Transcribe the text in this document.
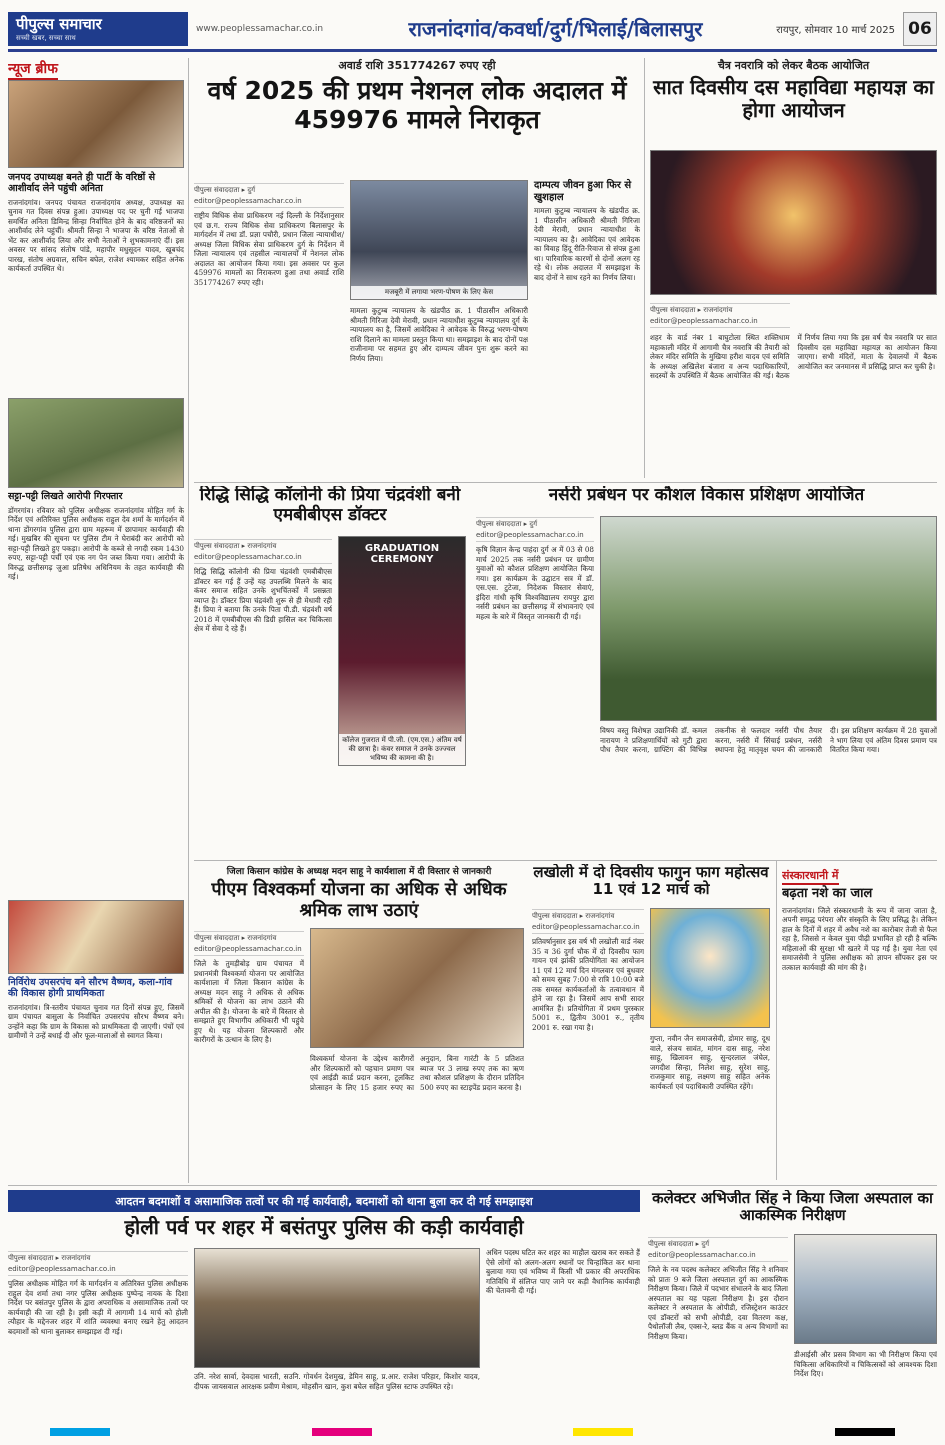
पीपुल्स समाचार
सच्ची खबर, सच्चा साथ
www.peoplessamachar.co.in	राजनांदगांव/कवर्धा/दुर्ग/भिलाई/बिलासपुर	रायपुर, सोमवार 10 मार्च 2025 06
न्यूज ब्रीफ
जनपद उपाध्यक्ष बनते ही पार्टी के वरिष्ठों से आशीर्वाद लेने पहुंची अनिता
राजनांदगांव। जनपद पंचायत राजनांदगांव अध्यक्ष, उपाध्यक्ष का चुनाव गत दिवस संपन्न हुआ। उपाध्यक्ष पद पर चुनी गई भाजपा समर्थित अनिता डिमिन्द्र सिन्हा निर्वाचित होने के बाद वरिष्ठजनों का आशीर्वाद लेने पहुंचीं। श्रीमती सिन्हा ने भाजपा के वरिष्ठ नेताओं से भेंट कर आशीर्वाद लिया और सभी नेताओं ने शुभकामनाएं दीं। इस अवसर पर सांसद संतोष पांडे, महापौर मधुसूदन यादव, खूबचंद पारख, संतोष अग्रवाल, सचिन बघेल, राजेश श्यामकर सहित अनेक कार्यकर्ता उपस्थित थे।
सट्टा-पट्टी लिखते आरोपी गिरफ्तार
डोंगरगांव। रविवार को पुलिस अधीक्षक राजनांदगांव मोहित गर्ग के निर्देश एवं अतिरिक्त पुलिस अधीक्षक राहुल देव शर्मा के मार्गदर्शन में थाना डोंगरगांव पुलिस द्वारा ग्राम महरूम में छापामार कार्यवाही की गई। मुखबिर की सूचना पर पुलिस टीम ने घेराबंदी कर आरोपी को सट्टा-पट्टी लिखते हुए पकड़ा। आरोपी के कब्जे से नगदी रकम 1430 रुपए, सट्टा-पट्टी पर्ची एवं एक नग पेन जब्त किया गया। आरोपी के विरुद्ध छत्तीसगढ़ जुआ प्रतिषेध अधिनियम के तहत कार्यवाही की गई।
निर्विरोध उपसरपंच बने सौरभ वैष्णव, कला-गांव की विकास होगी प्राथमिकता
राजनांदगांव। त्रि-स्तरीय पंचायत चुनाव गत दिनों संपन्न हुए, जिसमें ग्राम पंचायत बासुला के निर्वाचित उपसरपंच सौरभ वैष्णव बने। उन्होंने कहा कि ग्राम के विकास को प्राथमिकता दी जाएगी। पंचों एवं ग्रामीणों ने उन्हें बधाई दी और फूल-मालाओं से स्वागत किया।
अवार्ड राशि 351774267 रुपए रही
वर्ष 2025 की प्रथम नेशनल लोक अदालत में 459976 मामले निराकृत
पीपुल्स संवाददाता ▸ दुर्ग
editor@peoplessamachar.co.in
राष्ट्रीय विधिक सेवा प्राधिकरण नई दिल्ली के निर्देशानुसार एवं छ.ग. राज्य विधिक सेवा प्राधिकरण बिलासपुर के मार्गदर्शन में तथा डॉ. प्रज्ञा पचौरी, प्रधान जिला न्यायाधीश/अध्यक्ष जिला विधिक सेवा प्राधिकरण दुर्ग के निर्देशन में जिला न्यायालय एवं तहसील न्यायालयों में नेशनल लोक अदालत का आयोजन किया गया। इस अवसर पर कुल 459976 मामलों का निराकरण हुआ तथा अवार्ड राशि 351774267 रुपए रही।
मजबूरी में लगाया भरण-पोषण के लिए केस
मामला कुटुम्ब न्यायालय के खंडपीठ क्र. 1 पीठासीन अधिकारी श्रीमती गिरिजा देवी मेरावी, प्रधान न्यायाधीश कुटुम्ब न्यायालय दुर्ग के न्यायालय का है, जिसमें आवेदिका ने आवेदक के विरुद्ध भरण-पोषण राशि दिलाने का मामला प्रस्तुत किया था। समझाइश के बाद दोनों पक्ष राजीनामा पर सहमत हुए और दाम्पत्य जीवन पुनः शुरू करने का निर्णय लिया।
दाम्पत्य जीवन हुआ फिर से खुशहाल
मामला कुटुम्ब न्यायालय के खंडपीठ क्र. 1 पीठासीन अधिकारी श्रीमती गिरिजा देवी मेरावी, प्रधान न्यायाधीश के न्यायालय का है। आवेदिका एवं आवेदक का विवाह हिंदू रीति-रिवाज से संपन्न हुआ था। पारिवारिक कारणों से दोनों अलग रह रहे थे। लोक अदालत में समझाइश के बाद दोनों ने साथ रहने का निर्णय लिया।
चैत्र नवरात्रि को लेकर बैठक आयोजित
सात दिवसीय दस महाविद्या महायज्ञ का होगा आयोजन
पीपुल्स संवाददाता ▸ राजनांदगांव
editor@peoplessamachar.co.in
शहर के वार्ड नंबर 1 बाघुटोला स्थित शक्तिधाम महाकाली मंदिर में आगामी चैत्र नवरात्रि की तैयारी को लेकर मंदिर समिति के मुखिया हरीश यादव एवं समिति के अध्यक्ष अखिलेश बंजारा व अन्य पदाधिकारियों, सदस्यों के उपस्थिति में बैठक आयोजित की गई। बैठक में निर्णय लिया गया कि इस वर्ष चैत्र नवरात्रि पर सात दिवसीय दस महाविद्या महायज्ञ का आयोजन किया जाएगा। सभी मंदिरों, माता के देवालयों में बैठक आयोजित कर जनमानस में प्रसिद्धि प्राप्त कर चुकी है।
रिद्धि सिद्धि कॉलोनी की प्रिया चंद्रवंशी बनी एमबीबीएस डॉक्टर
पीपुल्स संवाददाता ▸ राजनांदगांव
editor@peoplessamachar.co.in
रिद्धि सिद्धि कॉलोनी की प्रिया चंद्रवंशी एमबीबीएस डॉक्टर बन गई हैं उन्हें यह उपलब्धि मिलने के बाद कंवर समाज सहित उनके शुभचिंतकों में प्रसन्नता व्याप्त है। डॉक्टर प्रिया चंद्रवंशी शुरू से ही मेधावी रही हैं। प्रिया ने बताया कि उनके पिता पी.डी. चंद्रवंशी वर्ष 2018 में एमबीबीएस की डिग्री हासिल कर चिकित्सा क्षेत्र में सेवा दे रहे हैं।
GRADUATION CEREMONY
कॉलेज गुजरात में पी.जी. (एम.एस.) अंतिम वर्ष की छात्रा है। कंवर समाज ने उनके उज्ज्वल भविष्य की कामना की है।
नर्सरी प्रबंधन पर कौशल विकास प्रशिक्षण आयोजित
पीपुल्स संवाददाता ▸ दुर्ग
editor@peoplessamachar.co.in
कृषि विज्ञान केन्द्र पाहंदा दुर्ग अ में 03 से 08 मार्च 2025 तक नर्सरी प्रबंधन पर ग्रामीण युवाओं को कौशल प्रशिक्षण आयोजित किया गया। इस कार्यक्रम के उद्घाटन सत्र में डॉ. एस.एस. टुटेजा, निदेशक विस्तार सेवाएं, इंदिरा गांधी कृषि विश्वविद्यालय रायपुर द्वारा नर्सरी प्रबंधन का छत्तीसगढ़ में संभावनाएं एवं महत्व के बारे में विस्तृत जानकारी दी गई।
विषय वस्तु विशेषज्ञ उद्यानिकी डॉ. कमल नारायण ने प्रशिक्षणार्थियों को गुटी द्वारा पौध तैयार करना, ग्राफ्टिंग की विभिन्न तकनीक से फलदार नर्सरी पौध तैयार करना, नर्सरी में सिंचाई प्रबंधन, नर्सरी स्थापना हेतु मातृवृक्ष चयन की जानकारी दी। इस प्रशिक्षण कार्यक्रम में 28 युवाओं ने भाग लिया एवं अंतिम दिवस प्रमाण पत्र वितरित किया गया।
जिला किसान कांग्रेस के अध्यक्ष मदन साहू ने कार्यशाला में दी विस्तार से जानकारी
पीएम विश्वकर्मा योजना का अधिक से अधिक श्रमिक लाभ उठाएं
पीपुल्स संवाददाता ▸ राजनांदगांव
editor@peoplessamachar.co.in
जिले के तुमड़ीबोड़ ग्राम पंचायत में प्रधानमंत्री विश्वकर्मा योजना पर आयोजित कार्यशाला में जिला किसान कांग्रेस के अध्यक्ष मदन साहू ने अधिक से अधिक श्रमिकों से योजना का लाभ उठाने की अपील की है। योजना के बारे में विस्तार से समझाते हुए विभागीय अधिकारी भी पहुंचे हुए थे। यह योजना शिल्पकारों और कारीगरों के उत्थान के लिए है।
विश्वकर्मा योजना के उद्देश्य कारीगरों और शिल्पकारों को पहचान प्रमाण पत्र एवं आईडी कार्ड प्रदान करना, टूलकिट प्रोत्साहन के लिए 15 हजार रुपए का अनुदान, बिना गारंटी के 5 प्रतिशत ब्याज पर 3 लाख रुपए तक का ऋण तथा कौशल प्रशिक्षण के दौरान प्रतिदिन 500 रुपए का स्टाइपेंड प्रदान करना है।
लखोली में दो दिवसीय फागुन फाग महोत्सव 11 एवं 12 मार्च को
पीपुल्स संवाददाता ▸ राजनांदगांव
editor@peoplessamachar.co.in
प्रतिवर्षानुसार इस वर्ष भी लखोली वार्ड नंबर 35 व 36 दुर्गा चौक में दो दिवसीय फाग गायन एवं झांकी प्रतियोगिता का आयोजन 11 एवं 12 मार्च दिन मंगलवार एवं बुधवार को समय सुबह 7:00 से रात्रि 10:00 बजे तक समस्त कार्यकर्ताओं के तत्वावधान में होने जा रहा है। जिसमें आप सभी सादर आमंत्रित हैं। प्रतियोगिता में प्रथम पुरस्कार 5001 रु., द्वितीय 3001 रु., तृतीय 2001 रु. रखा गया है।
गुप्ता, नवीन जैन समाजसेवी, डोमार साहू, दूध वाले, संजय सावंत, मांगन दास साहू, नरेश साहू, खिलावन साहू, सुन्दरलाल जंघेल, जगदीश सिन्हा, निलेश साहू, सुरेश साहू, राजकुमार साहू, लक्ष्मण साहू सहित अनेक कार्यकर्ता एवं पदाधिकारी उपस्थित रहेंगे।
संस्कारधानी में
बढ़ता नशे का जाल
राजनांदगांव। जिले संस्कारधानी के रूप में जाना जाता है, अपनी समृद्ध परंपरा और संस्कृति के लिए प्रसिद्ध है। लेकिन हाल के दिनों में शहर में अवैध नशे का कारोबार तेजी से फैल रहा है, जिससे न केवल युवा पीढ़ी प्रभावित हो रही है बल्कि महिलाओं की सुरक्षा भी खतरे में पड़ गई है। युवा नेता एवं समाजसेवी ने पुलिस अधीक्षक को ज्ञापन सौंपकर इस पर तत्काल कार्यवाही की मांग की है।
आदतन बदमाशों व असामाजिक तत्वों पर की गई कार्यवाही, बदमाशों को थाना बुला कर दी गई समझाइश
होली पर्व पर शहर में बसंतपुर पुलिस की कड़ी कार्यवाही
पीपुल्स संवाददाता ▸ राजनांदगांव
editor@peoplessamachar.co.in
पुलिस अधीक्षक मोहित गर्ग के मार्गदर्शन व अतिरिक्त पुलिस अधीक्षक राहुल देव शर्मा तथा नगर पुलिस अधीक्षक पुष्पेन्द्र नायक के दिशा निर्देश पर बसंतपुर पुलिस के द्वारा अपराधिक व असामाजिक तत्वों पर कार्यवाही की जा रही है। इसी कड़ी में आगामी 14 मार्च को होली त्यौहार के मद्देनजर शहर में शांति व्यवस्था बनाए रखने हेतु आदतन बदमाशों को थाना बुलाकर समझाइश दी गई।
उनि. नरेश सार्वा, देवदास भारती, सउनि. गोवर्धन देशमुख, डेमिन साहू, प्र.आर. राजेश परिहार, किशोर यादव, दीपक जायसवाल आरक्षक प्रवीण मेश्राम, मोहसीन खान, कुश बघेल सहित पुलिस स्टाफ उपस्थित रहे।
अधिन पदस्थ घटित कर शहर का माहौल खराब कर सकते हैं ऐसे लोगों को अलग-अलग स्थानों पर चिन्हांकित कर थाना बुलाया गया एवं भविष्य में किसी भी प्रकार की अपराधिक गतिविधि में संलिप्त पाए जाने पर कड़ी वैधानिक कार्यवाही की चेतावनी दी गई।
कलेक्टर अभिजीत सिंह ने किया जिला अस्पताल का आकस्मिक निरीक्षण
पीपुल्स संवाददाता ▸ दुर्ग
editor@peoplessamachar.co.in
जिले के नव पदस्थ कलेक्टर अभिजीत सिंह ने शनिवार को प्रातः 9 बजे जिला अस्पताल दुर्ग का आकस्मिक निरीक्षण किया। जिले में पदभार संभालने के बाद जिला अस्पताल का यह पहला निरीक्षण है। इस दौरान कलेक्टर ने अस्पताल के ओपीडी, रजिस्ट्रेशन काउंटर एवं डॉक्टरों को सभी ओपीडी, दवा वितरण कक्ष, पैथोलॉजी लैब, एक्स-रे, ब्लड बैंक व अन्य विभागों का निरीक्षण किया।
डीआईसी और प्रसव विभाग का भी निरीक्षण किया एवं चिकित्सा अधिकारियों व चिकित्सकों को आवश्यक दिशा निर्देश दिए।
